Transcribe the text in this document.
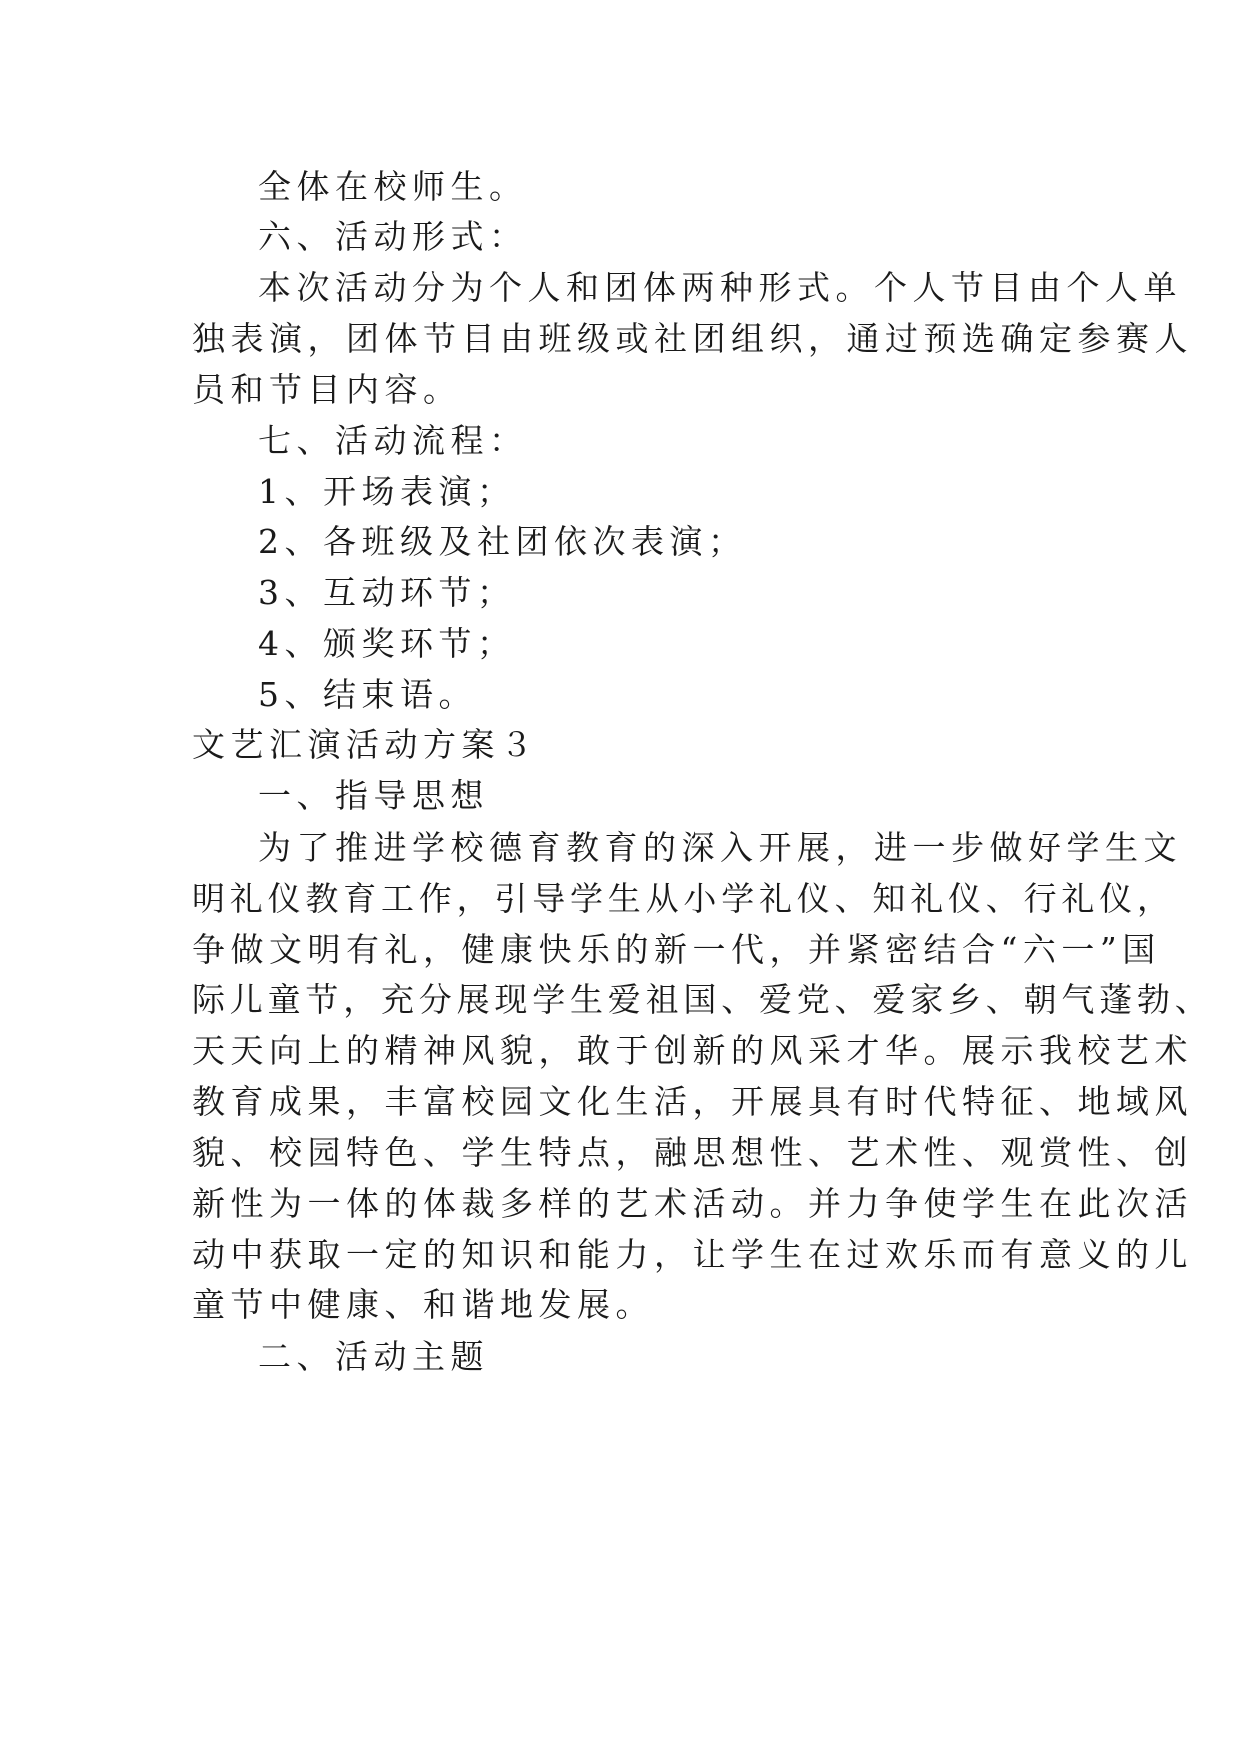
全体在校师生。
六、活动形式：
本次活动分为个人和团体两种形式。个人节目由个人单
独表演，团体节目由班级或社团组织，通过预选确定参赛人
员和节目内容。
七、活动流程：
1、开场表演；
2、各班级及社团依次表演；
3、互动环节；
4、颁奖环节；
5、结束语。
文艺汇演活动方案３
一、指导思想
为了推进学校德育教育的深入开展，进一步做好学生文
明礼仪教育工作，引导学生从小学礼仪、知礼仪、行礼仪，
争做文明有礼，健康快乐的新一代，并紧密结合“六一”国
际儿童节，充分展现学生爱祖国、爱党、爱家乡、朝气蓬勃、
天天向上的精神风貌，敢于创新的风采才华。展示我校艺术
教育成果，丰富校园文化生活，开展具有时代特征、地域风
貌、校园特色、学生特点，融思想性、艺术性、观赏性、创
新性为一体的体裁多样的艺术活动。并力争使学生在此次活
动中获取一定的知识和能力，让学生在过欢乐而有意义的儿
童节中健康、和谐地发展。
二、活动主题
